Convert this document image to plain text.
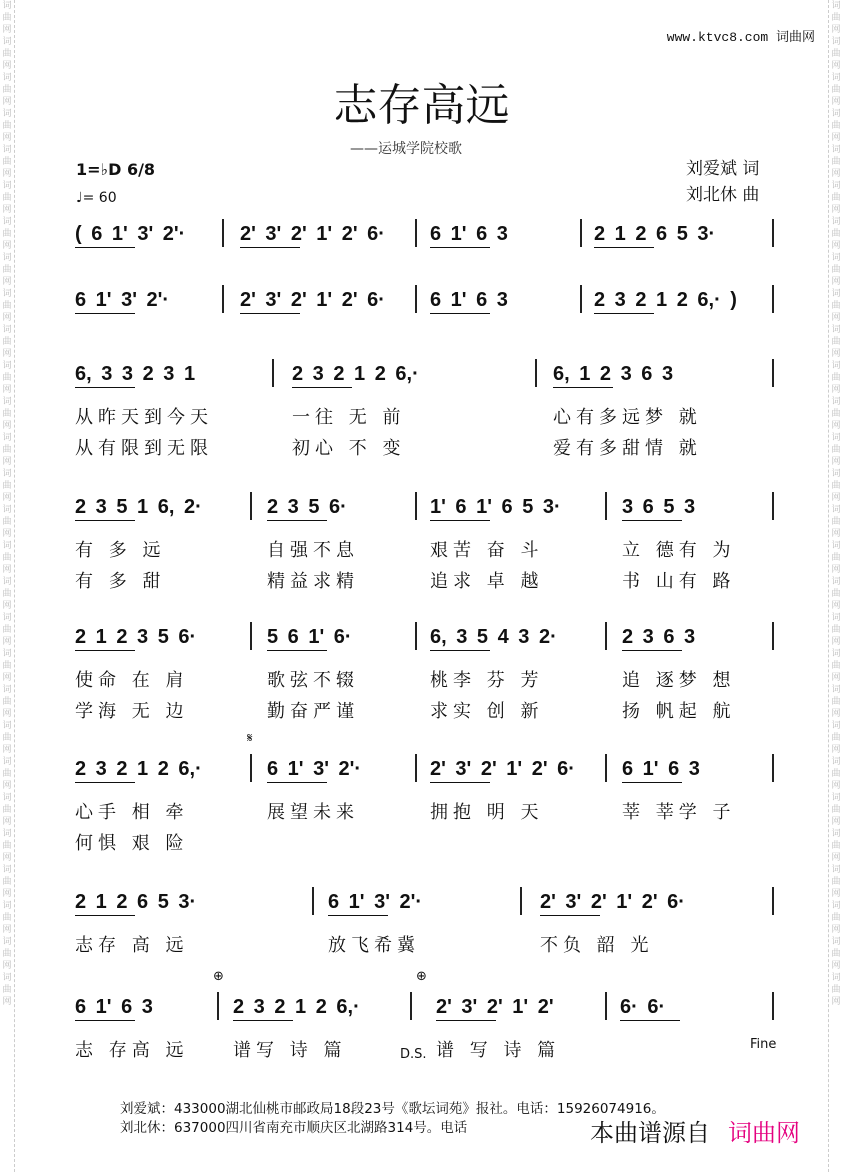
词曲网词曲网词曲网词曲网词曲网词曲网词曲网词曲网词曲网词曲网词曲网词曲网词曲网词曲网词曲网词曲网词曲网词曲网词曲网词曲网词曲网词曲网词曲网词曲网词曲网词曲网词曲网词曲网
词曲网词曲网词曲网词曲网词曲网词曲网词曲网词曲网词曲网词曲网词曲网词曲网词曲网词曲网词曲网词曲网词曲网词曲网词曲网词曲网词曲网词曲网词曲网词曲网词曲网词曲网词曲网词曲网
www.ktvc8.com 词曲网
志存高远
——运城学院校歌
1=♭D 6/8
♩= 60
刘爱斌 词
刘北休 曲
( 6 1' 3' 2'·	2' 3' 2' 1' 2' 6· 6 1' 6 3	2 1 2 6 5 3·
6 1' 3' 2'·	2' 3' 2' 1' 2' 6· 6 1' 6 3	2 3 2 1 2 6,· )
6, 3 3 2 3 1
从昨天到今天
从有限到无限
2 3 2 1 2 6,·
一往 无 前
初心 不 变
6, 1 2 3 6 3
心有多远梦 就
爱有多甜情 就
2 3 5 1 6, 2·
有 多 远
有 多 甜
2 3 5 6·
自强不息
精益求精
1' 6 1' 6 5 3·
艰苦 奋 斗
追求 卓 越
3 6 5 3
立 德有 为
书 山有 路
2 1 2 3 5 6·
使命 在 肩
学海 无 边
5 6 1' 6·
歌弦不辍
勤奋严谨
6, 3 5 4 3 2·
桃李 芬 芳
求实 创 新
2 3 6 3
追 逐梦 想
扬 帆起 航
2 3 2 1 2 6,·
心手 相 牵
何惧 艰 险
6 1' 3' 2'·
展望未来
𝄋
2' 3' 2' 1' 2' 6·
拥抱 明 天
6 1' 6 3
莘 莘学 子
2 1 2 6 5 3·
志存 高 远
6 1' 3' 2'·
放飞希冀
2' 3' 2' 1' 2' 6·
不负 韶 光
6 1' 6 3
志 存高 远
2 3 2 1 2 6,·
谱写 诗 篇
⊕
2' 3' 2' 1' 2'
谱 写 诗 篇
⊕
D.S.
6· 6·
Fine
刘爱斌：433000湖北仙桃市邮政局18段23号《歌坛词苑》报社。电话：15926074916。
刘北休：637000四川省南充市顺庆区北湖路314号。电话	本曲谱源自 词曲网
